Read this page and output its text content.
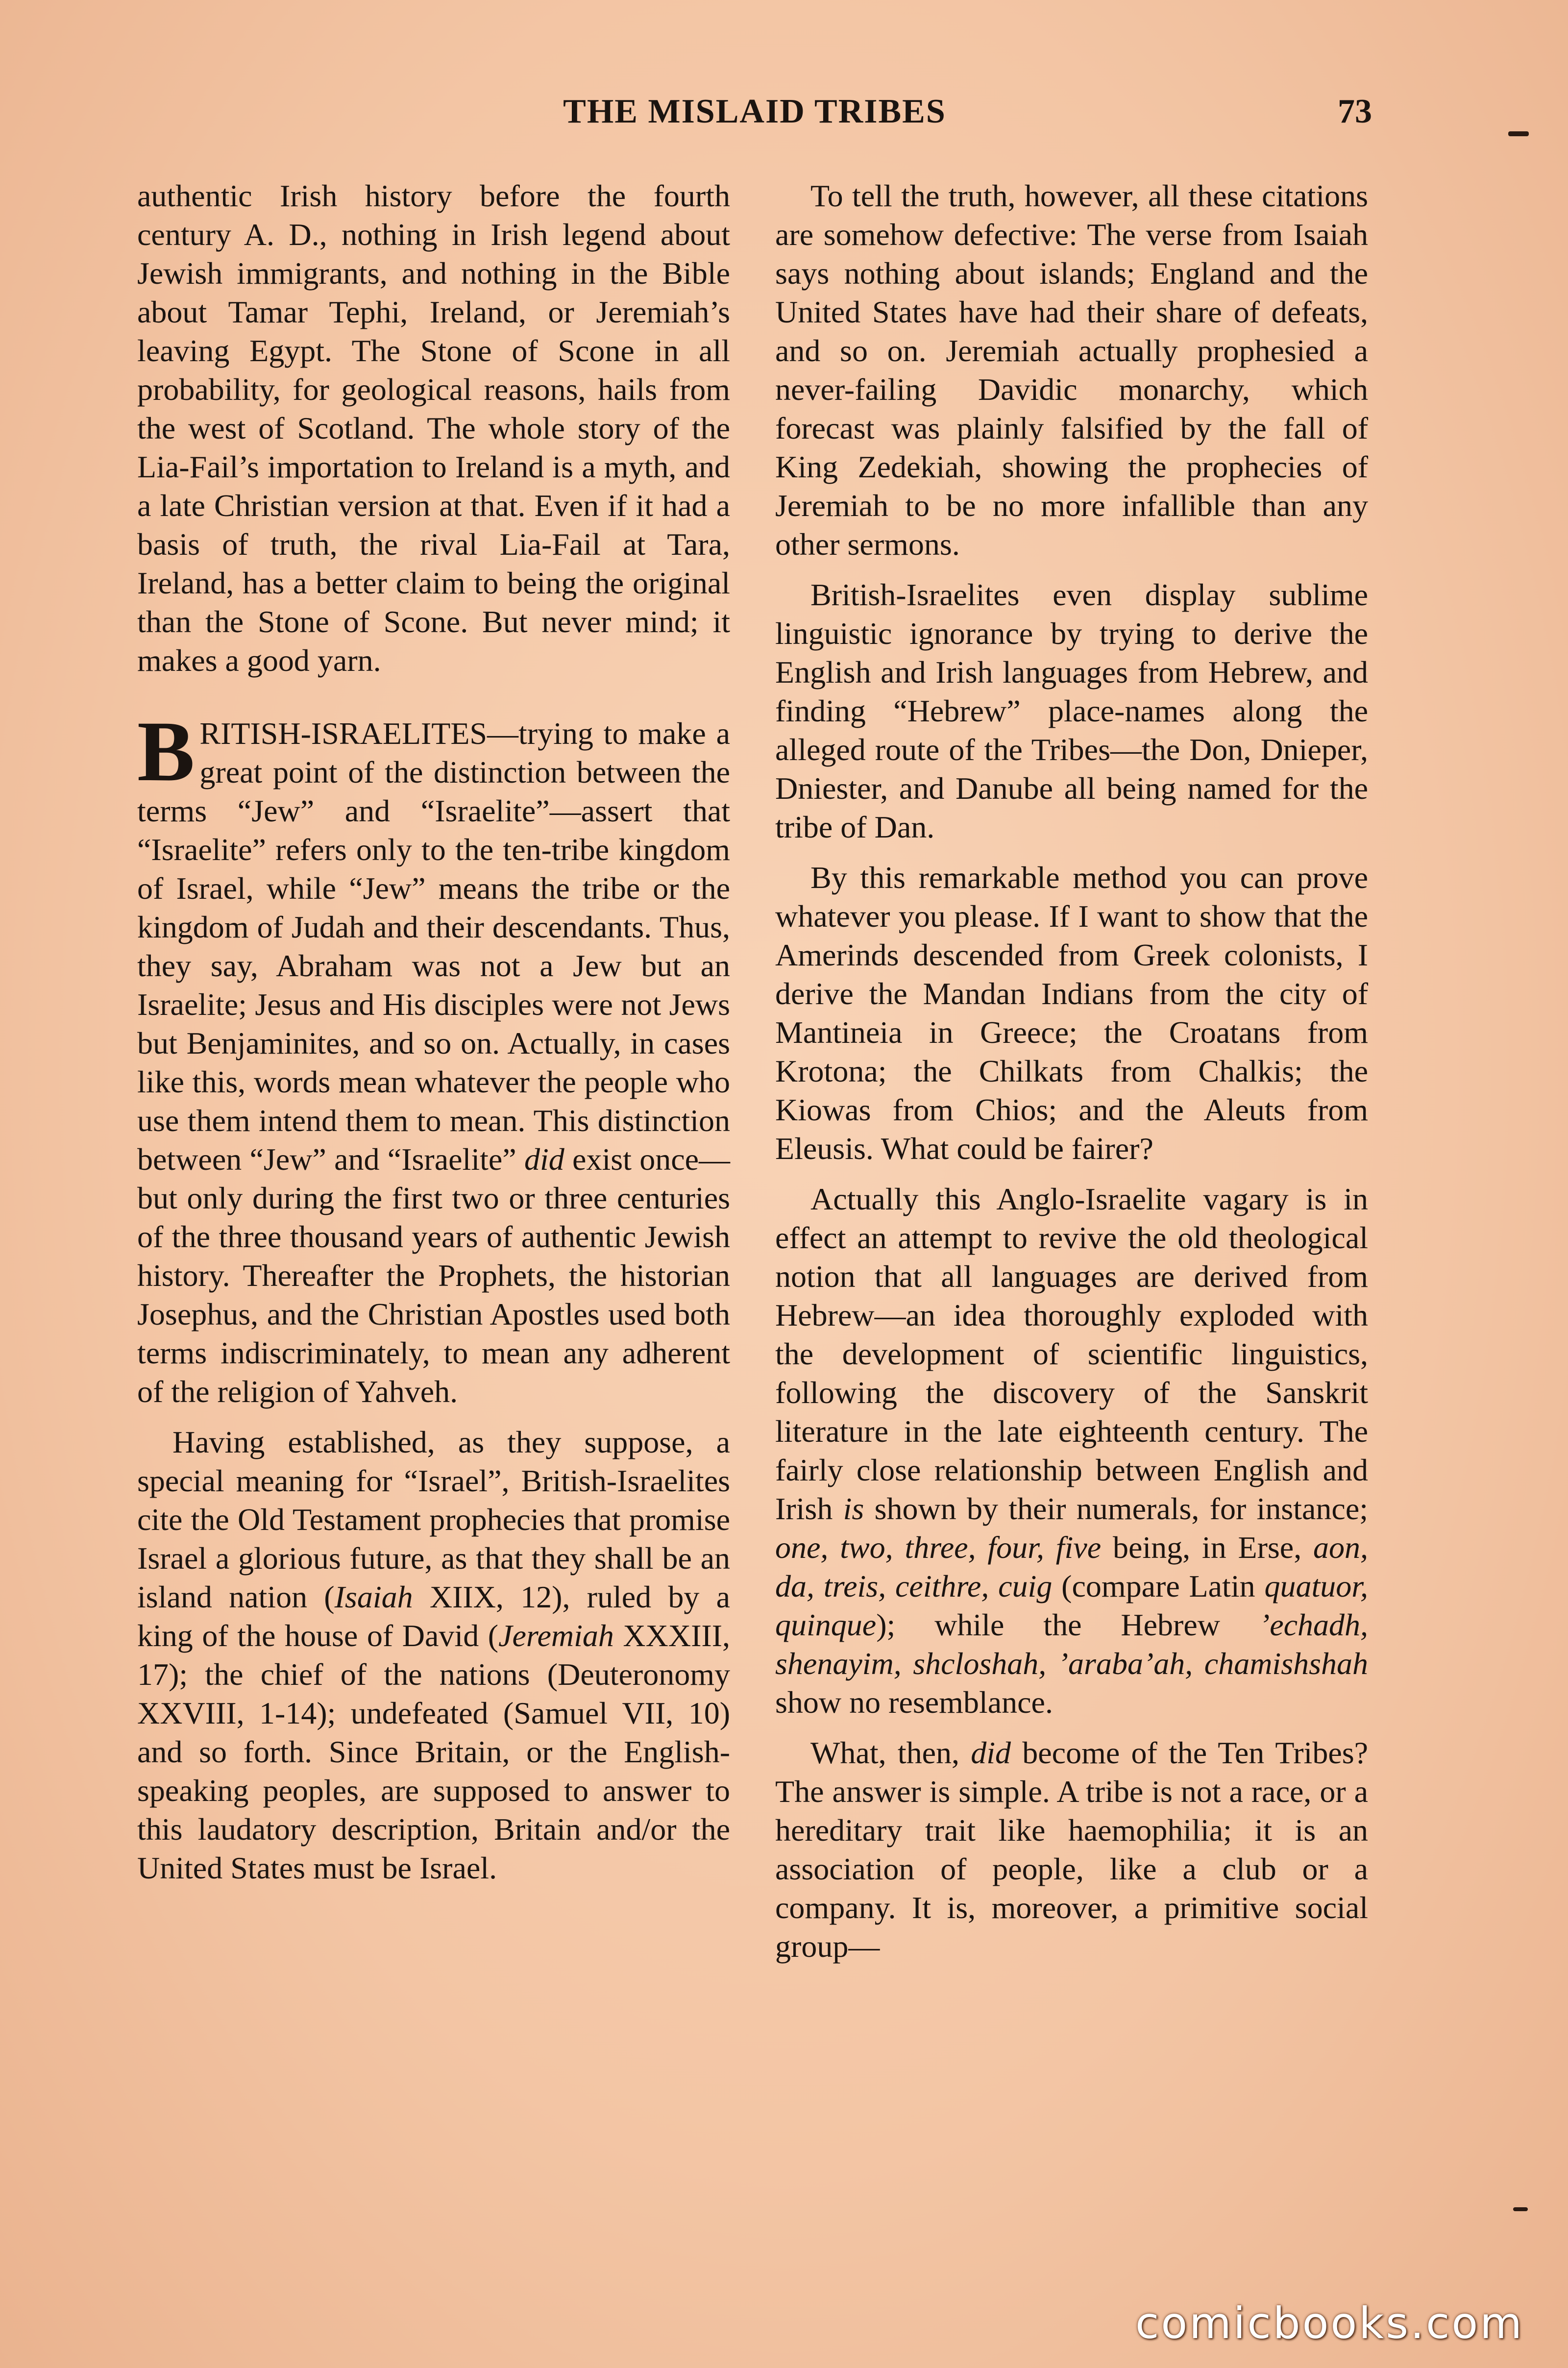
THE MISLAID TRIBES	73

authentic Irish history before the fourth century A. D., nothing in Irish legend about Jewish immigrants, and nothing in the Bible about Tamar Tephi, Ireland, or Jeremiah’s leaving Egypt. The Stone of Scone in all probability, for geological reasons, hails from the west of Scotland. The whole story of the Lia-Fail’s importation to Ireland is a myth, and a late Christian version at that. Even if it had a basis of truth, the rival Lia-Fail at Tara, Ireland, has a better claim to being the original than the Stone of Scone. But never mind; it makes a good yarn.

BRITISH-ISRAELITES—trying to make a great point of the distinction between the terms “Jew” and “Israelite”—assert that “Israelite” refers only to the ten-tribe kingdom of Israel, while “Jew” means the tribe or the kingdom of Judah and their descendants. Thus, they say, Abraham was not a Jew but an Israelite; Jesus and His disciples were not Jews but Benjaminites, and so on. Actually, in cases like this, words mean whatever the people who use them intend them to mean. This distinction between “Jew” and “Israelite” did exist once—but only during the first two or three centuries of the three thousand years of authentic Jewish history. Thereafter the Prophets, the historian Josephus, and the Christian Apostles used both terms indiscriminately, to mean any adherent of the religion of Yahveh.

Having established, as they suppose, a special meaning for “Israel”, British-Israelites cite the Old Testament prophecies that promise Israel a glorious future, as that they shall be an island nation (Isaiah XIIX, 12), ruled by a king of the house of David (Jeremiah XXXIII, 17); the chief of the nations (Deuteronomy XXVIII, 1-14); undefeated (Samuel VII, 10) and so forth. Since Britain, or the English-speaking peoples, are supposed to answer to this laudatory description, Britain and/or the United States must be Israel.

To tell the truth, however, all these citations are somehow defective: The verse from Isaiah says nothing about islands; England and the United States have had their share of defeats, and so on. Jeremiah actually prophesied a never-failing Davidic monarchy, which forecast was plainly falsified by the fall of King Zedekiah, showing the prophecies of Jeremiah to be no more infallible than any other sermons.

British-Israelites even display sublime linguistic ignorance by trying to derive the English and Irish languages from Hebrew, and finding “Hebrew” place-names along the alleged route of the Tribes—the Don, Dnieper, Dniester, and Danube all being named for the tribe of Dan.

By this remarkable method you can prove whatever you please. If I want to show that the Amerinds descended from Greek colonists, I derive the Mandan Indians from the city of Mantineia in Greece; the Croatans from Krotona; the Chilkats from Chalkis; the Kiowas from Chios; and the Aleuts from Eleusis. What could be fairer?

Actually this Anglo-Israelite vagary is in effect an attempt to revive the old theological notion that all languages are derived from Hebrew—an idea thoroughly exploded with the development of scientific linguistics, following the discovery of the Sanskrit literature in the late eighteenth century. The fairly close relationship between English and Irish is shown by their numerals, for instance; one, two, three, four, five being, in Erse, aon, da, treis, ceithre, cuig (compare Latin quatuor, quinque); while the Hebrew ’echadh, shenayim, shcloshah, ’araba’ah, chamishshah show no resemblance.

What, then, did become of the Ten Tribes? The answer is simple. A tribe is not a race, or a hereditary trait like haemophilia; it is an association of people, like a club or a company. It is, moreover, a primitive social group—

comicbooks.com
